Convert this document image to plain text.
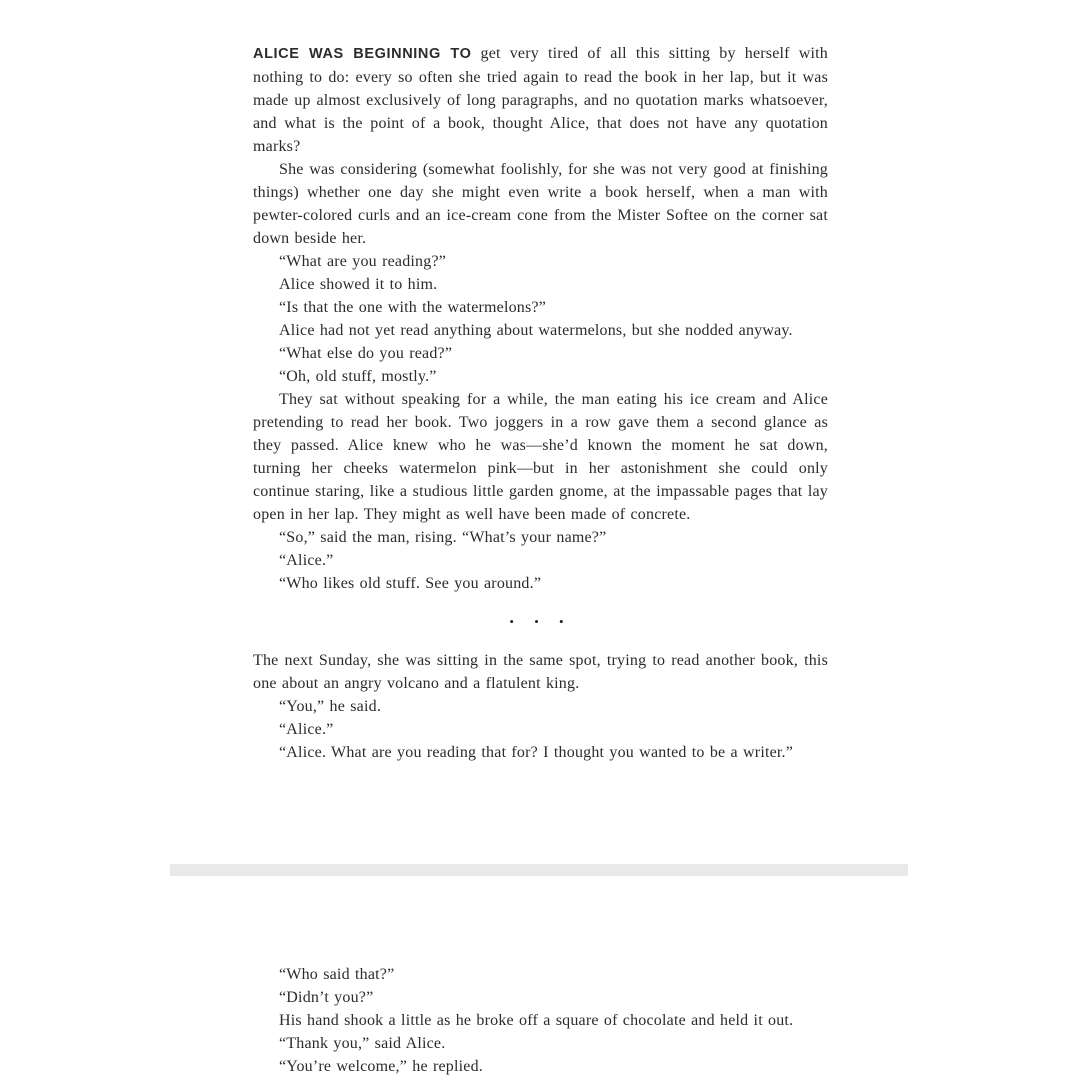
ALICE WAS BEGINNING TO get very tired of all this sitting by herself with nothing to do: every so often she tried again to read the book in her lap, but it was made up almost exclusively of long paragraphs, and no quotation marks whatsoever, and what is the point of a book, thought Alice, that does not have any quotation marks?

She was considering (somewhat foolishly, for she was not very good at finishing things) whether one day she might even write a book herself, when a man with pewter-colored curls and an ice-cream cone from the Mister Softee on the corner sat down beside her.

“What are you reading?”

Alice showed it to him.

“Is that the one with the watermelons?”

Alice had not yet read anything about watermelons, but she nodded anyway.

“What else do you read?”

“Oh, old stuff, mostly.”

They sat without speaking for a while, the man eating his ice cream and Alice pretending to read her book. Two joggers in a row gave them a second glance as they passed. Alice knew who he was—she’d known the moment he sat down, turning her cheeks watermelon pink—but in her astonishment she could only continue staring, like a studious little garden gnome, at the impassable pages that lay open in her lap. They might as well have been made of concrete.

“So,” said the man, rising. “What’s your name?”

“Alice.”

“Who likes old stuff. See you around.”

• • •

The next Sunday, she was sitting in the same spot, trying to read another book, this one about an angry volcano and a flatulent king.

“You,” he said.

“Alice.”

“Alice. What are you reading that for? I thought you wanted to be a writer.”

“Who said that?”

“Didn’t you?”

His hand shook a little as he broke off a square of chocolate and held it out.

“Thank you,” said Alice.

“You’re welcome,” he replied.
